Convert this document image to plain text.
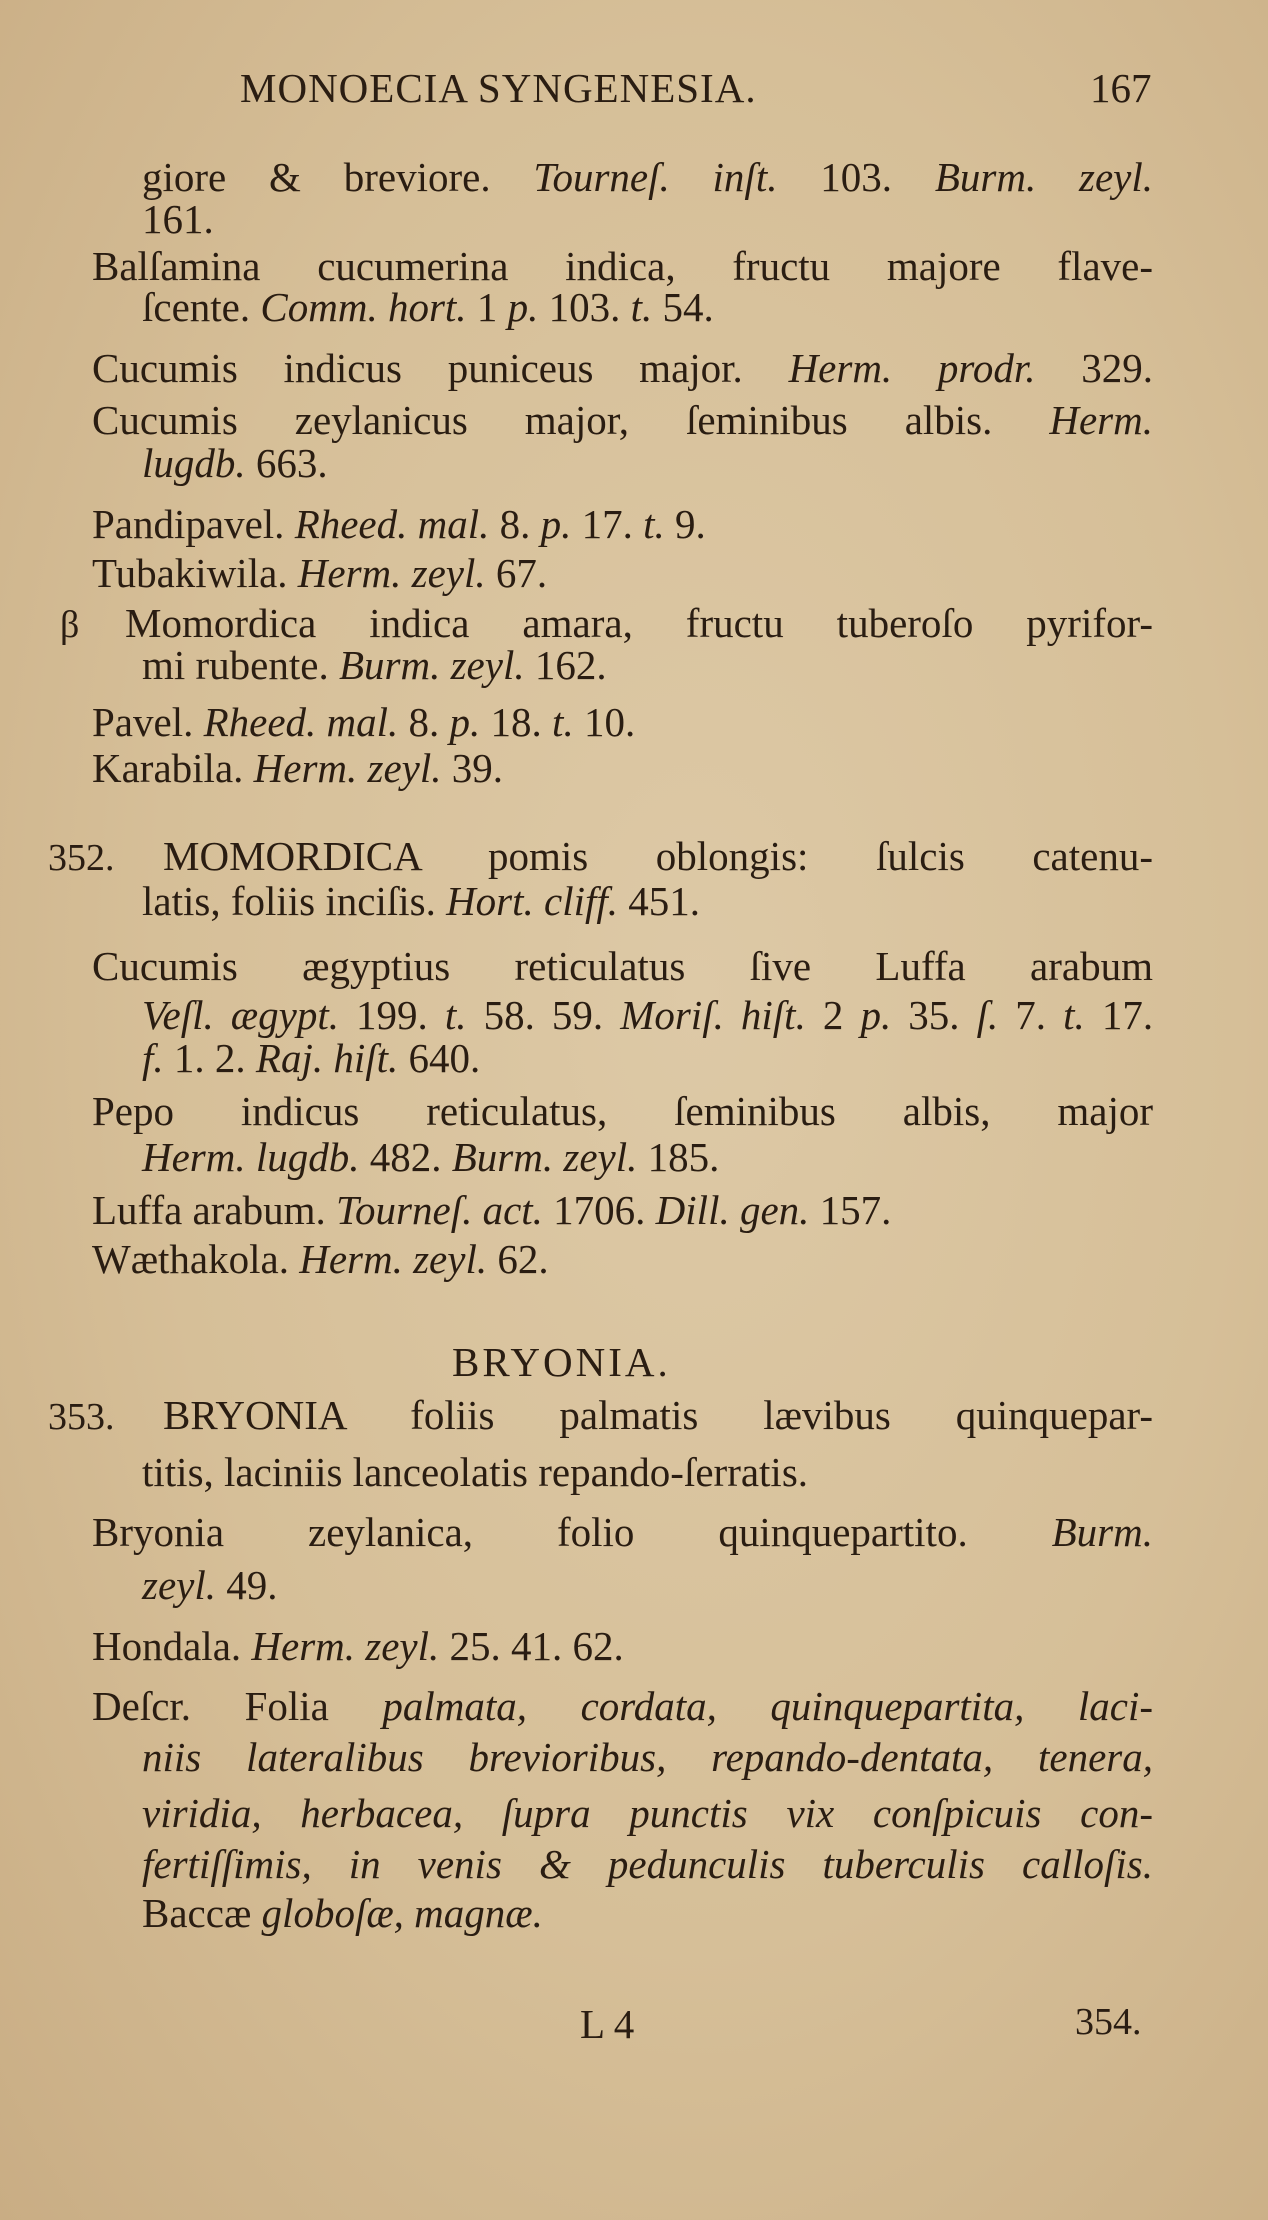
MONOECIA SYNGENESIA.	167
giore & breviore. Tourneſ. inſt. 103. Burm. zeyl.
161.
Balſamina cucumerina indica, fructu majore flave-
ſcente. Comm. hort. 1 p. 103. t. 54.
Cucumis indicus puniceus major. Herm. prodr. 329.
Cucumis zeylanicus major, ſeminibus albis. Herm.
lugdb. 663.
Pandipavel. Rheed. mal. 8. p. 17. t. 9.
Tubakiwila. Herm. zeyl. 67.
Momordica indica amara, fructu tuberoſo pyrifor-
β
mi rubente. Burm. zeyl. 162.
Pavel. Rheed. mal. 8. p. 18. t. 10.
Karabila. Herm. zeyl. 39.
MOMORDICA pomis oblongis: ſulcis catenu-
352.
latis, foliis inciſis. Hort. cliff. 451.
Cucumis ægyptius reticulatus ſive Luffa arabum
Veſl. ægypt. 199. t. 58. 59. Moriſ. hiſt. 2 p. 35. ſ. 7. t. 17.
f. 1. 2. Raj. hiſt. 640.
Pepo indicus reticulatus, ſeminibus albis, major
Herm. lugdb. 482. Burm. zeyl. 185.
Luffa arabum. Tourneſ. act. 1706. Dill. gen. 157.
Wæthakola. Herm. zeyl. 62.
BRYONIA foliis palmatis lævibus quinquepar-
353.
titis, laciniis lanceolatis repando-ſerratis.
Bryonia zeylanica, folio quinquepartito. Burm.
zeyl. 49.
Hondala. Herm. zeyl. 25. 41. 62.
Deſcr. Folia palmata, cordata, quinquepartita, laci-
niis lateralibus brevioribus, repando-dentata, tenera,
viridia, herbacea, ſupra punctis vix conſpicuis con-
fertiſſimis, in venis & pedunculis tuberculis calloſis.
Baccæ globoſæ, magnæ.
BRYONIA.
L 4	354.
